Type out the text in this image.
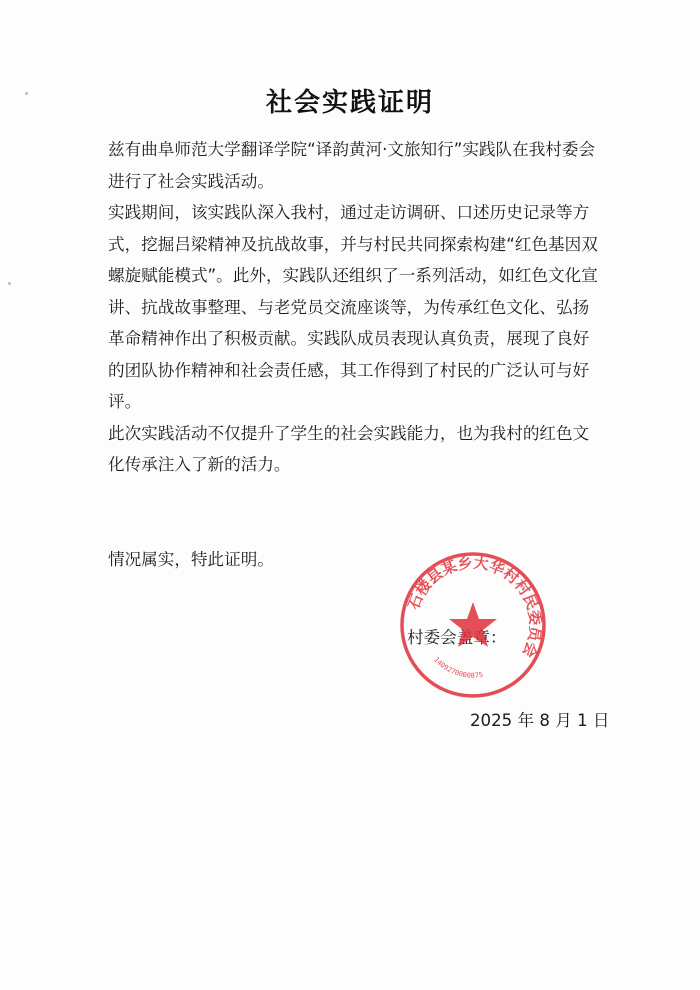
社会实践证明

兹有曲阜师范大学翻译学院“译韵黄河·文旅知行”实践队在我村委会进行了社会实践活动。

实践期间，该实践队深入我村，通过走访调研、口述历史记录等方式，挖掘吕梁精神及抗战故事，并与村民共同探索构建“红色基因双螺旋赋能模式”。此外，实践队还组织了一系列活动，如红色文化宣讲、抗战故事整理、与老党员交流座谈等，为传承红色文化、弘扬革命精神作出了积极贡献。实践队成员表现认真负责，展现了良好的团队协作精神和社会责任感，其工作得到了村民的广泛认可与好评。

此次实践活动不仅提升了学生的社会实践能力，也为我村的红色文化传承注入了新的活力。

情况属实，特此证明。
村委会盖章：
石楼县某乡大华村村民委员会
1409270000875
2025 年 8 月 1 日
